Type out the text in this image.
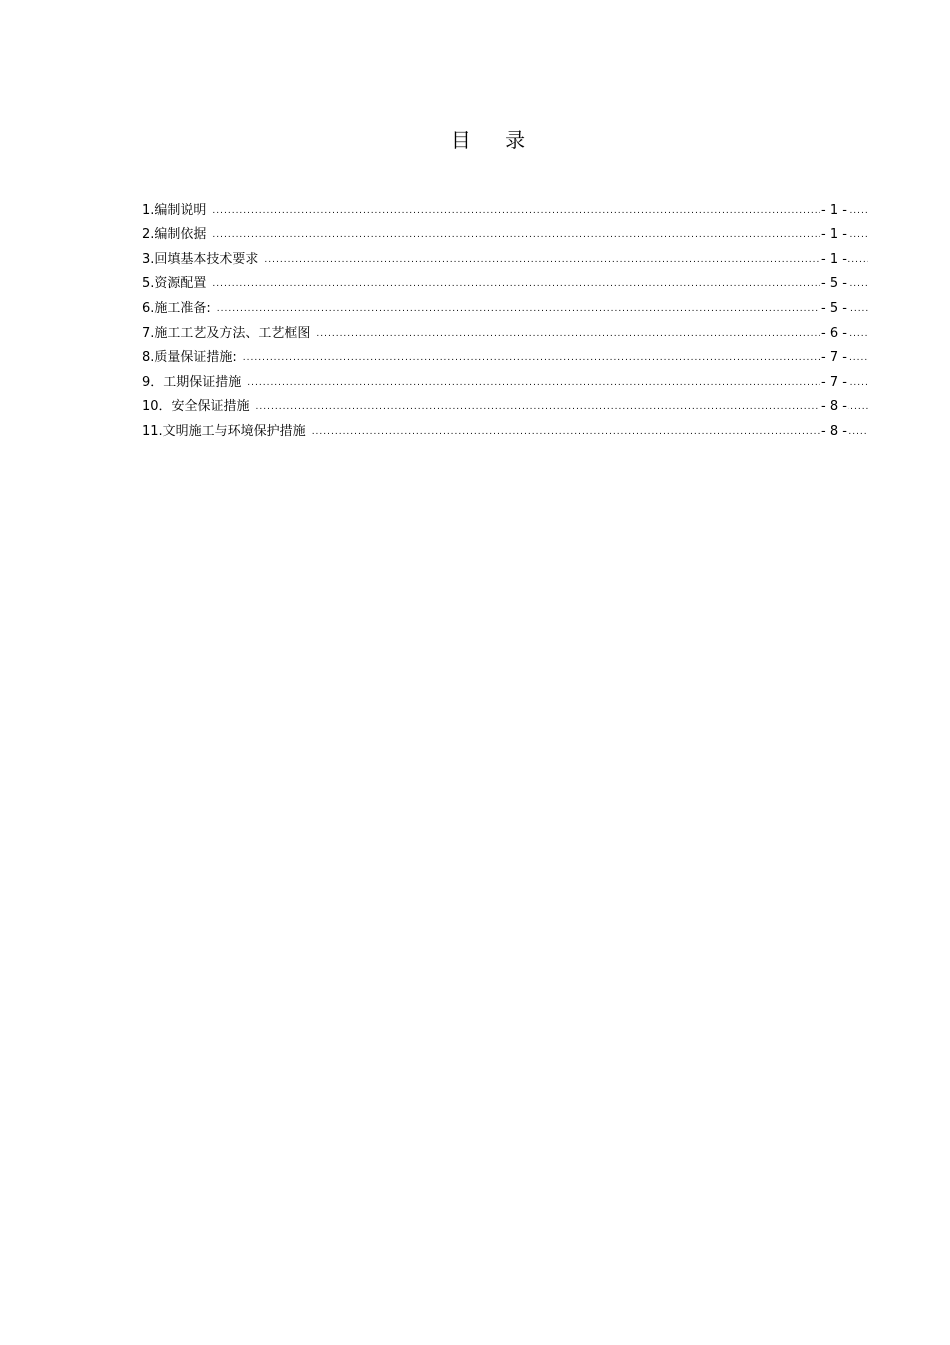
目 录
1.编制说明 .....	- 1 -
2.编制依据 .....	- 1 -
3.回填基本技术要求 .....	- 1 -
5.资源配置 .....	- 5 -
6.施工准备: .....	- 5 -
7.施工工艺及方法、工艺框图 .....	- 6 -
8.质量保证措施: .....	- 7 -
9．工期保证措施 .....	- 7 -
10．安全保证措施 .....	- 8 -
11.文明施工与环境保护措施 .....	- 8 -
